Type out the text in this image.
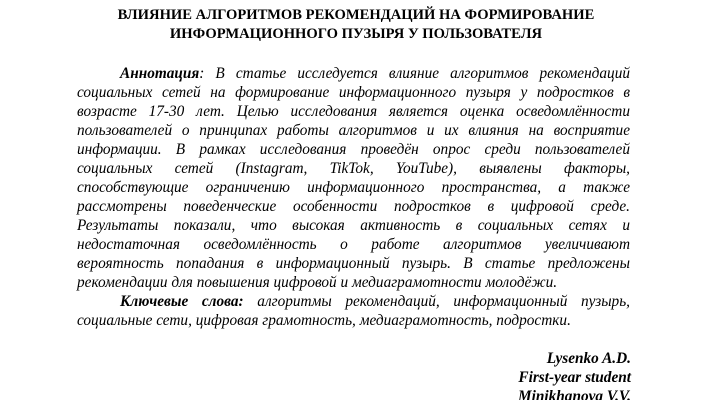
ВЛИЯНИЕ АЛГОРИТМОВ РЕКОМЕНДАЦИЙ НА ФОРМИРОВАНИЕ
ИНФОРМАЦИОННОГО ПУЗЫРЯ У ПОЛЬЗОВАТЕЛЯ

Аннотация: В статье исследуется влияние алгоритмов рекомендаций

социальных сетей на формирование информационного пузыря у подростков в

возрасте 17-30 лет. Целью исследования является оценка осведомлённости

пользователей о принципах работы алгоритмов и их влияния на восприятие

информации. В рамках исследования проведён опрос среди пользователей

социальных сетей (Instagram, TikTok, YouTube), выявлены факторы,

способствующие ограничению информационного пространства, а также

рассмотрены поведенческие особенности подростков в цифровой среде.

Результаты показали, что высокая активность в социальных сетях и

недостаточная осведомлённость о работе алгоритмов увеличивают

вероятность попадания в информационный пузырь. В статье предложены

рекомендации для повышения цифровой и медиаграмотности молодёжи.

Ключевые слова: алгоритмы рекомендаций, информационный пузырь,

социальные сети, цифровая грамотность, медиаграмотность, подростки.

Lysenko A.D.

First-year student

Minikhanova V.V.
